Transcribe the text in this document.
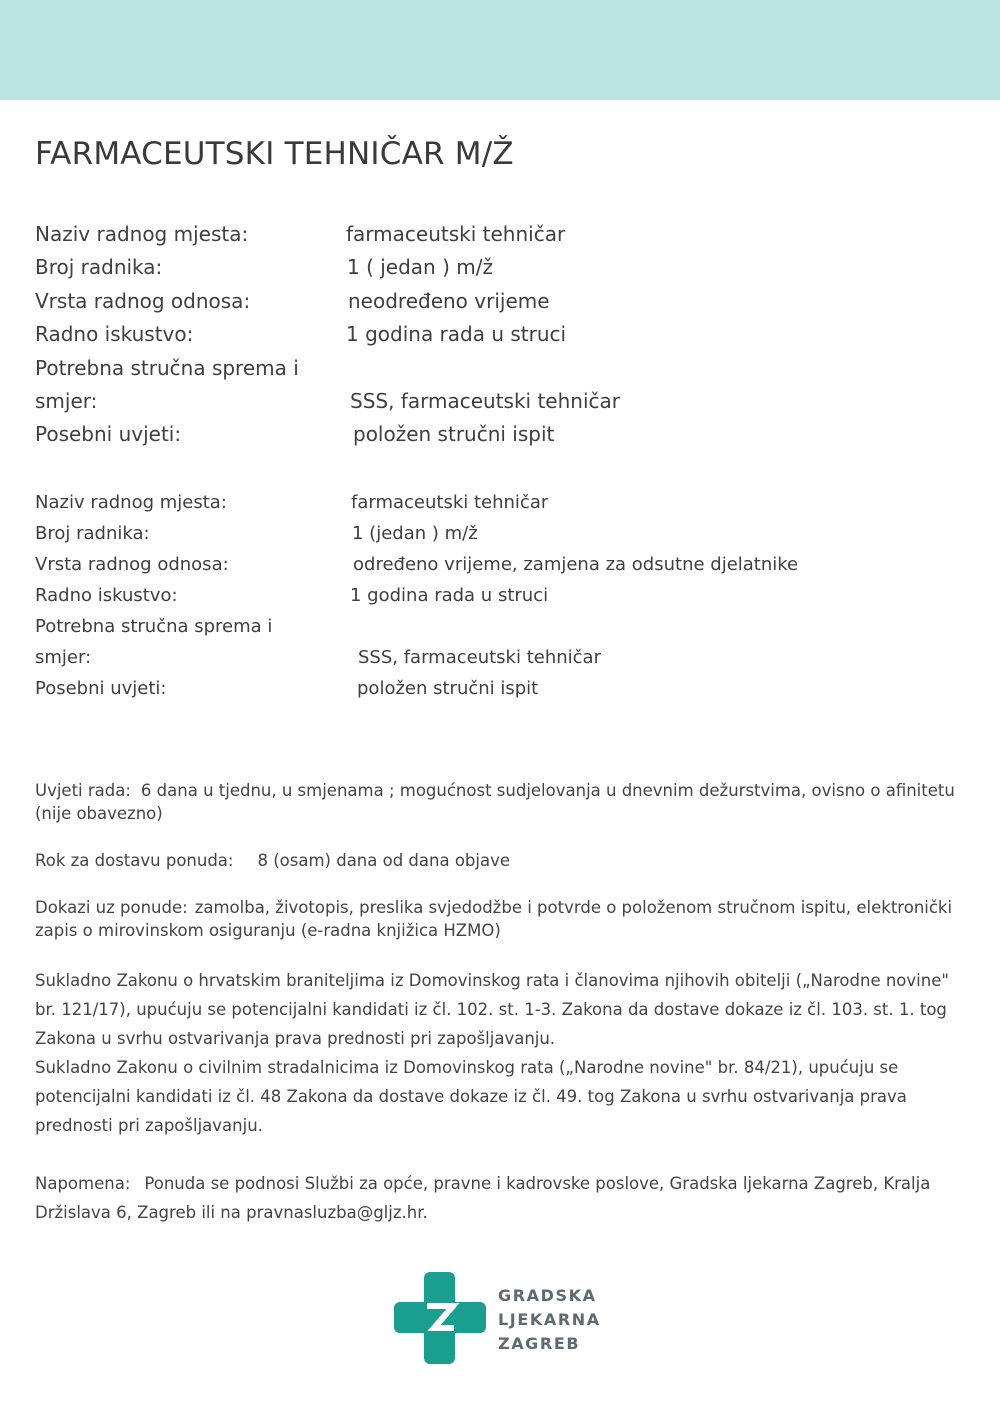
FARMACEUTSKI TEHNIČAR M/Ž
Naziv radnog mjesta:	farmaceutski tehničar
Broj radnika:	1 ( jedan ) m/ž
Vrsta radnog odnosa:	neodređeno vrijeme
Radno iskustvo:	1 godina rada u struci
Potrebna stručna sprema i
smjer:	SSS, farmaceutski tehničar
Posebni uvjeti:	položen stručni ispit
Naziv radnog mjesta:	farmaceutski tehničar
Broj radnika:	1 (jedan ) m/ž
Vrsta radnog odnosa:	određeno vrijeme, zamjena za odsutne djelatnike
Radno iskustvo:	1 godina rada u struci
Potrebna stručna sprema i
smjer:	SSS, farmaceutski tehničar
Posebni uvjeti:	položen stručni ispit

Uvjeti rada: 6 dana u tjednu, u smjenama ; mogućnost sudjelovanja u dnevnim dežurstvima, ovisno o afinitetu (nije obavezno)

Rok za dostavu ponuda: 8 (osam) dana od dana objave

Dokazi uz ponude: zamolba, životopis, preslika svjedodžbe i potvrde o položenom stručnom ispitu, elektronički zapis o mirovinskom osiguranju (e-radna knjižica HZMO)

Sukladno Zakonu o hrvatskim braniteljima iz Domovinskog rata i članovima njihovih obitelji („Narodne novine" br. 121/17), upućuju se potencijalni kandidati iz čl. 102. st. 1-3. Zakona da dostave dokaze iz čl. 103. st. 1. tog Zakona u svrhu ostvarivanja prava prednosti pri zapošljavanju.
Sukladno Zakonu o civilnim stradalnicima iz Domovinskog rata („Narodne novine" br. 84/21), upućuju se potencijalni kandidati iz čl. 48 Zakona da dostave dokaze iz čl. 49. tog Zakona u svrhu ostvarivanja prava prednosti pri zapošljavanju.

Napomena: Ponuda se podnosi Službi za opće, pravne i kadrovske poslove, Gradska ljekarna Zagreb, Kralja Držislava 6, Zagreb ili na pravnasluzba@gljz.hr.

GRADSKA
LJEKARNA
ZAGREB
